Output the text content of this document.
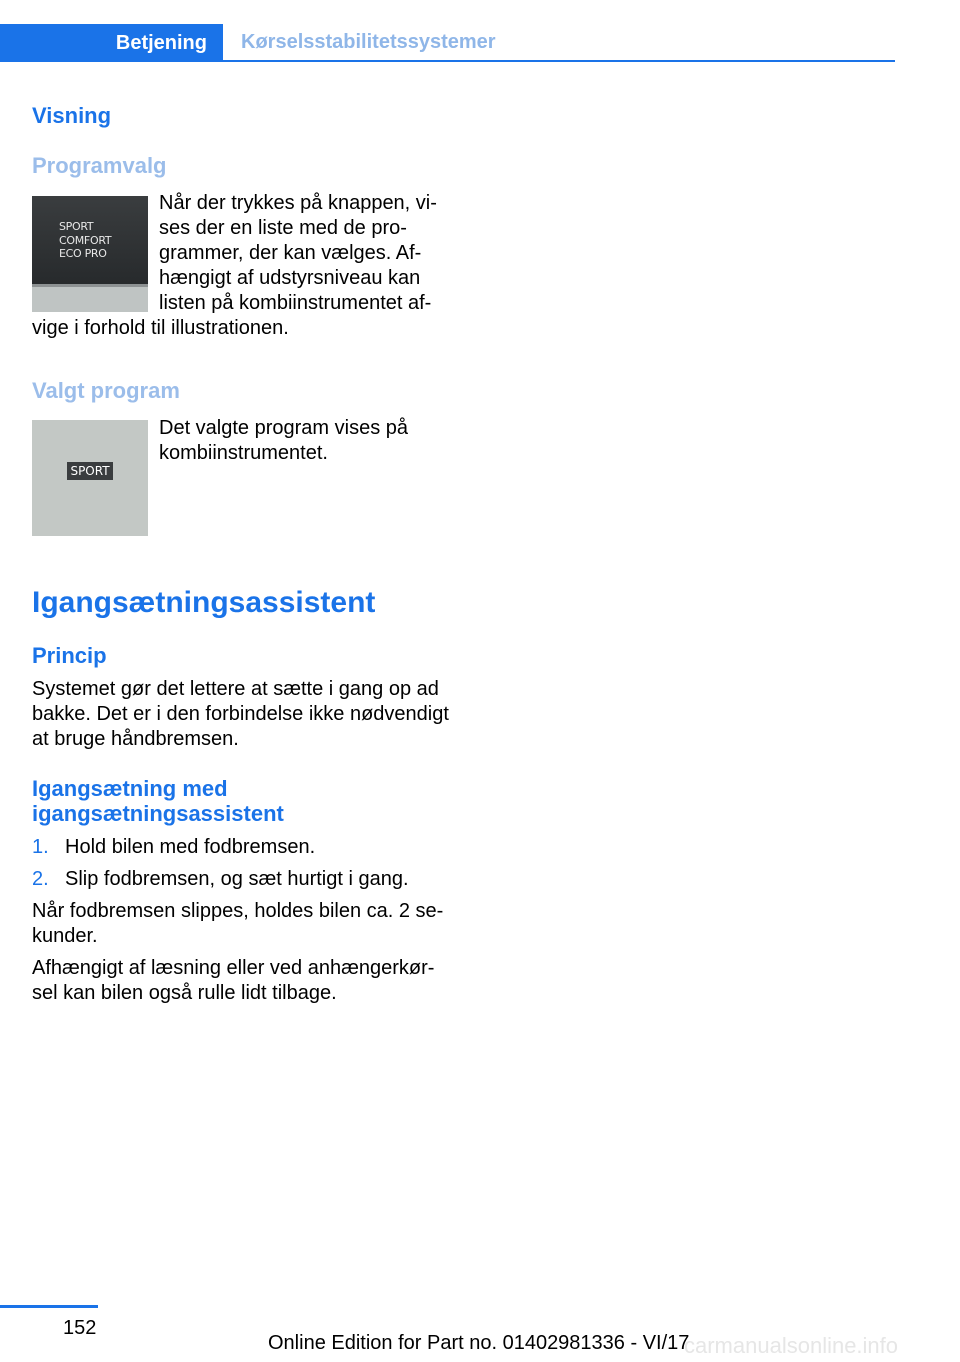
Betjening	Kørselsstabilitetssystemer
Visning
Programvalg
SPORT
COMFORT
ECO PRO

Når der trykkes på knappen, vi‐

ses der en liste med de pro‐

grammer, der kan vælges. Af‐

hængigt af udstyrsniveau kan

listen på kombiinstrumentet af‐

vige i forhold til illustrationen.

Valgt program
SPORT

Det valgte program vises på

kombiinstrumentet.

Igangsætningsassistent
Princip

Systemet gør det lettere at sætte i gang op ad

bakke. Det er i den forbindelse ikke nødvendigt

at bruge håndbremsen.

Igangsætning med
igangsætningsassistent
1. Hold bilen med fodbremsen.
2. Slip fodbremsen, og sæt hurtigt i gang.

Når fodbremsen slippes, holdes bilen ca. 2 se‐

kunder.

Afhængigt af læsning eller ved anhængerkør‐

sel kan bilen også rulle lidt tilbage.

152
Online Edition for Part no. 01402981336 - VI/17
carmanualsonline.info
